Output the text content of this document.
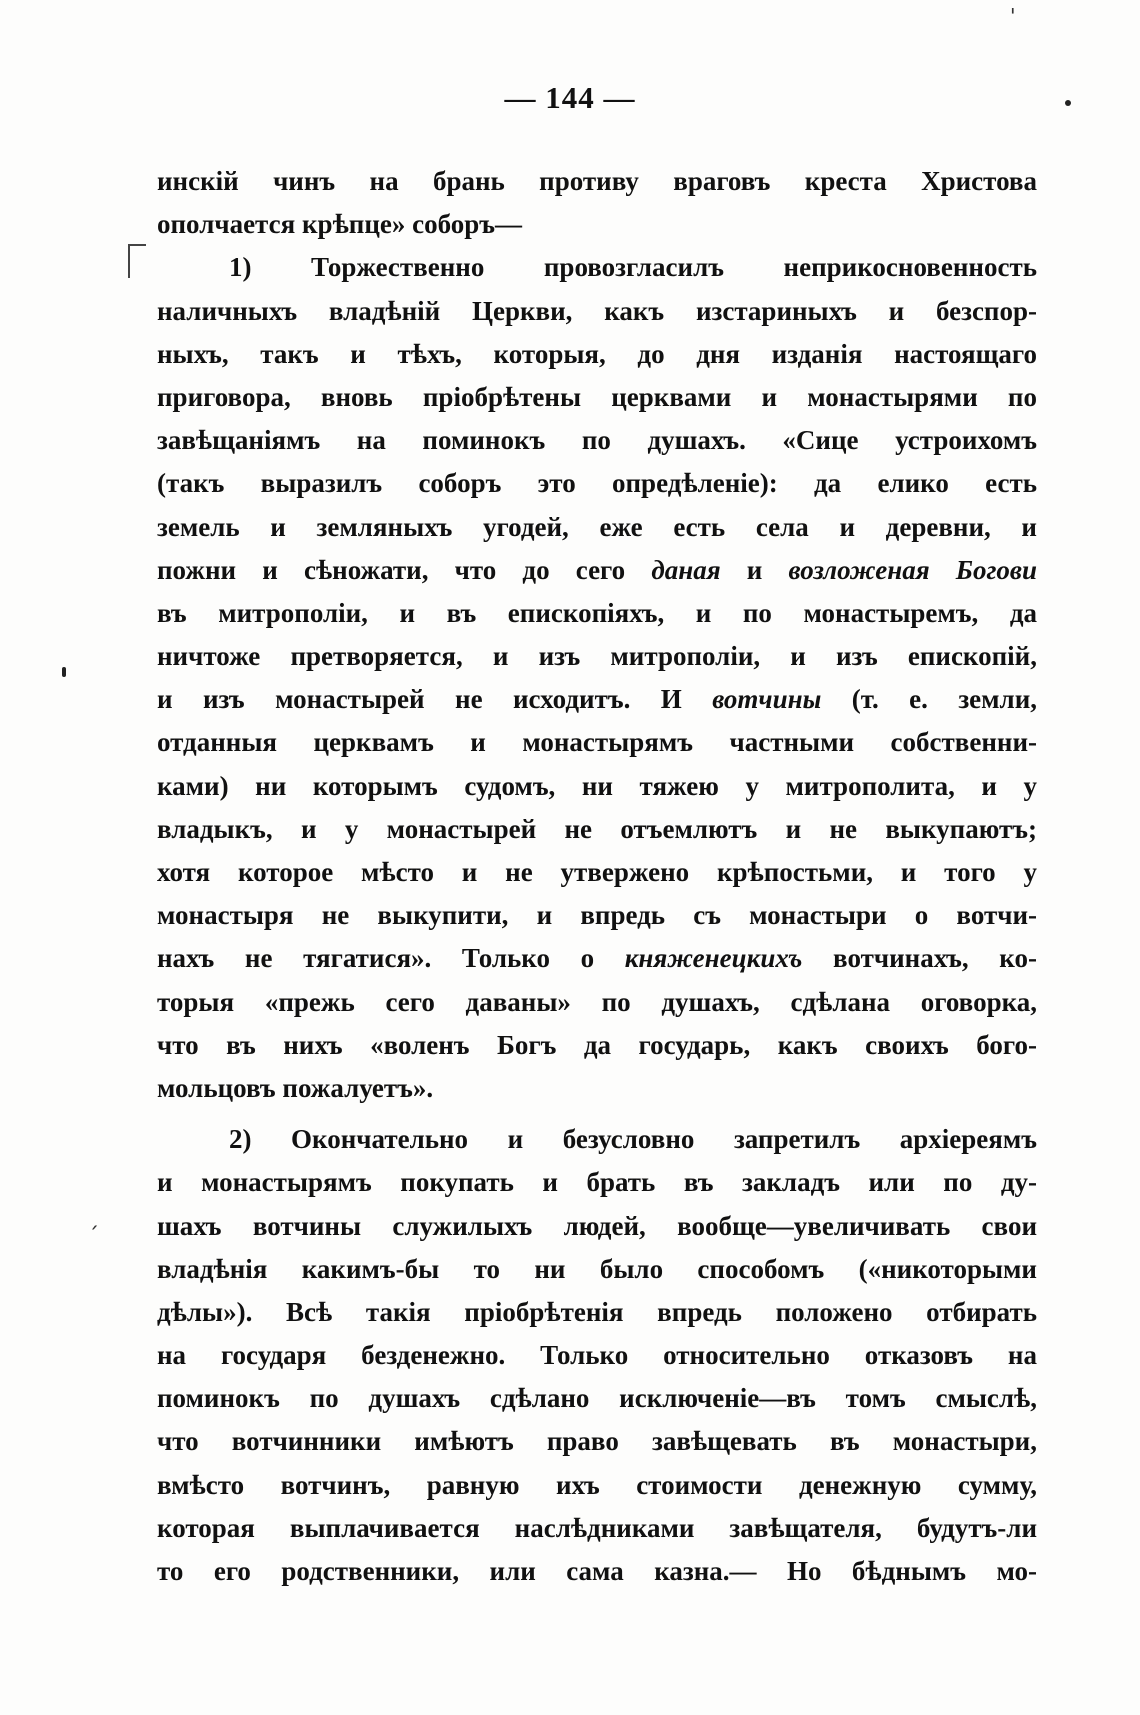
— 144 —
'
ˏ
инскій чинъ на брань противу враговъ креста Христова
ополчается крѣпце» соборъ—
1) Торжественно провозгласилъ неприкосновенность
наличныхъ владѣній Церкви, какъ изстариныхъ и безспор-
ныхъ, такъ и тѣхъ, которыя, до дня изданія настоящаго
приговора, вновь пріобрѣтены церквами и монастырями по
завѣщаніямъ на поминокъ по душахъ. «Сице устроихомъ
(такъ выразилъ соборъ это опредѣленіе): да елико есть
земель и земляныхъ угодей, еже есть села и деревни, и
пожни и сѣножати, что до сего даная и возложеная Богови
въ митрополіи, и въ епископіяхъ, и по монастыремъ, да
ничтоже претворяется, и изъ митрополіи, и изъ епископій,
и изъ монастырей не исходитъ. И вотчины (т. е. земли,
отданныя церквамъ и монастырямъ частными собственни-
ками) ни которымъ судомъ, ни тяжею у митрополита, и у
владыкъ, и у монастырей не отъемлютъ и не выкупаютъ;
хотя которое мѣсто и не утвержено крѣпостьми, и того у
монастыря не выкупити, и впредь съ монастыри о вотчи-
нахъ не тягатися». Только о княженецкихъ вотчинахъ, ко-
торыя «прежь сего даваны» по душахъ, сдѣлана оговорка,
что въ нихъ «воленъ Богъ да государь, какъ своихъ бого-
мольцовъ пожалуетъ».
2) Окончательно и безусловно запретилъ архіереямъ
и монастырямъ покупать и брать въ закладъ или по ду-
шахъ вотчины служилыхъ людей, вообще—увеличивать свои
владѣнія какимъ-бы то ни было способомъ («никоторыми
дѣлы»). Всѣ такія пріобрѣтенія впредь положено отбирать
на государя безденежно. Только относительно отказовъ на
поминокъ по душахъ сдѣлано исключеніе—въ томъ смыслѣ,
что вотчинники имѣютъ право завѣщевать въ монастыри,
вмѣсто вотчинъ, равную ихъ стоимости денежную сумму,
которая выплачивается наслѣдниками завѣщателя, будутъ-ли
то его родственники, или сама казна.— Но бѣднымъ мо-
